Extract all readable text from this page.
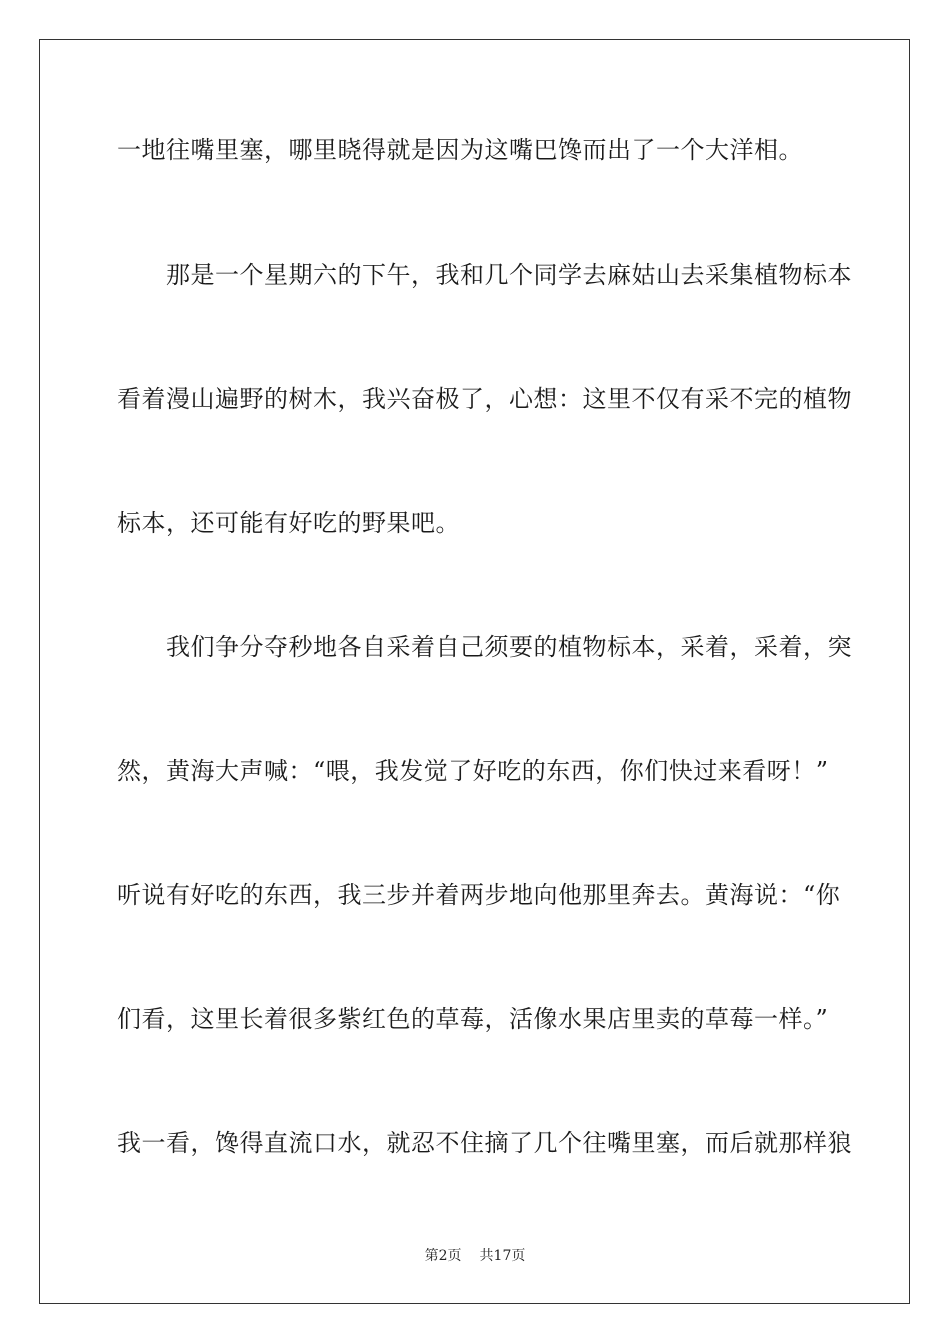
一地往嘴里塞，哪里晓得就是因为这嘴巴馋而出了一个大洋相。
　　那是一个星期六的下午，我和几个同学去麻姑山去采集植物标本
看着漫山遍野的树木，我兴奋极了，心想：这里不仅有采不完的植物
标本，还可能有好吃的野果吧。
　　我们争分夺秒地各自采着自己须要的植物标本，采着，采着，突
然，黄海大声喊：“喂，我发觉了好吃的东西，你们快过来看呀！”
听说有好吃的东西，我三步并着两步地向他那里奔去。黄海说：“你
们看，这里长着很多紫红色的草莓，活像水果店里卖的草莓一样。”
我一看，馋得直流口水，就忍不住摘了几个往嘴里塞，而后就那样狼
第2页 共17页
